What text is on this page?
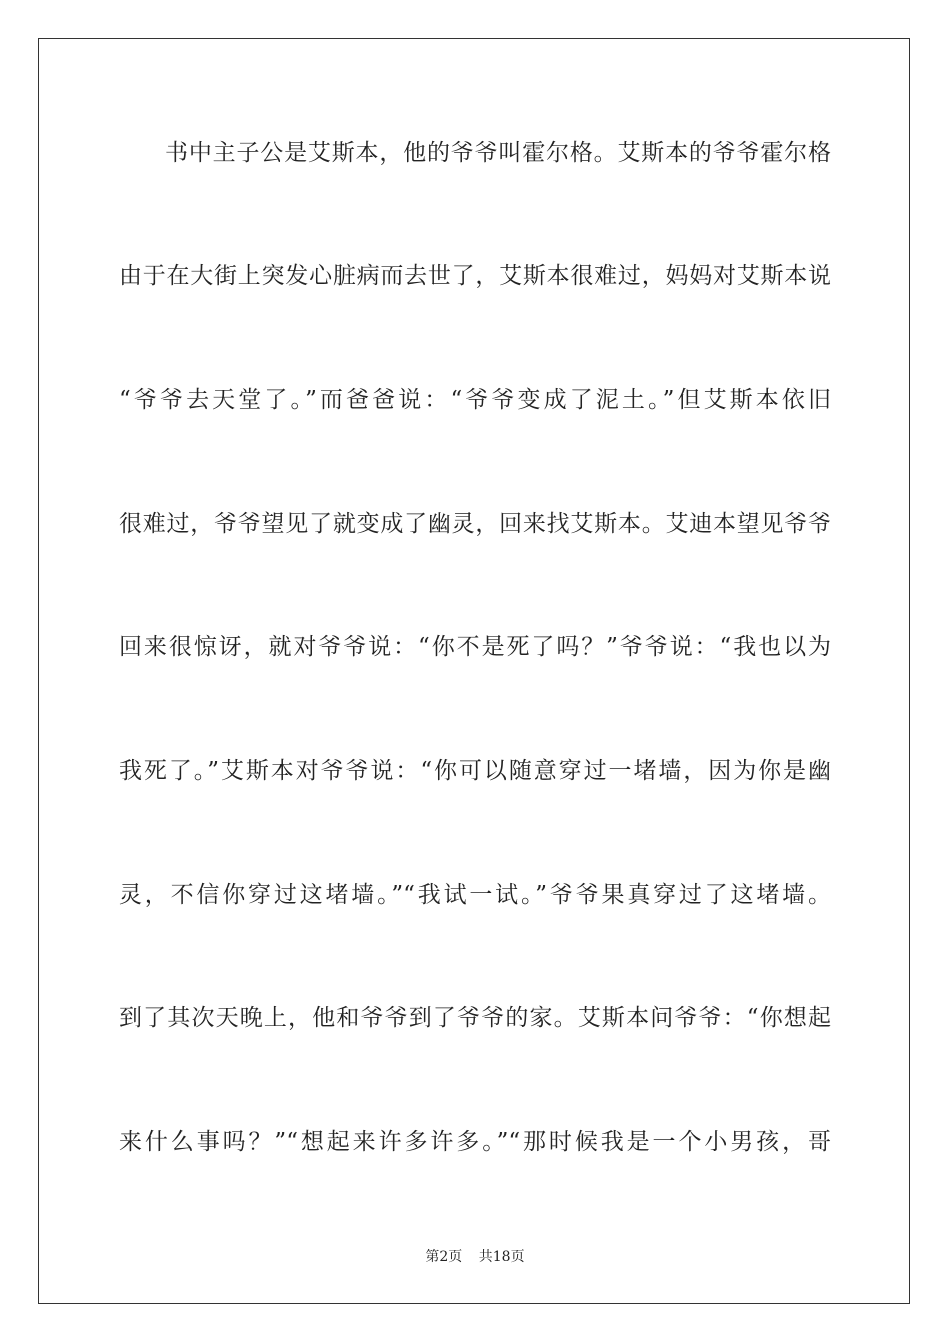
书中主子公是艾斯本，他的爷爷叫霍尔格。艾斯本的爷爷霍尔格
由于在大街上突发心脏病而去世了，艾斯本很难过，妈妈对艾斯本说
“爷爷去天堂了。”而爸爸说：“爷爷变成了泥土。”但艾斯本依旧
很难过，爷爷望见了就变成了幽灵，回来找艾斯本。艾迪本望见爷爷
回来很惊讶，就对爷爷说：“你不是死了吗？”爷爷说：“我也以为
我死了。”艾斯本对爷爷说：“你可以随意穿过一堵墙，因为你是幽
灵，不信你穿过这堵墙。”“我试一试。”爷爷果真穿过了这堵墙。
到了其次天晚上，他和爷爷到了爷爷的家。艾斯本问爷爷：“你想起
来什么事吗？”“想起来许多许多。”“那时候我是一个小男孩，哥
第2页 共18页
